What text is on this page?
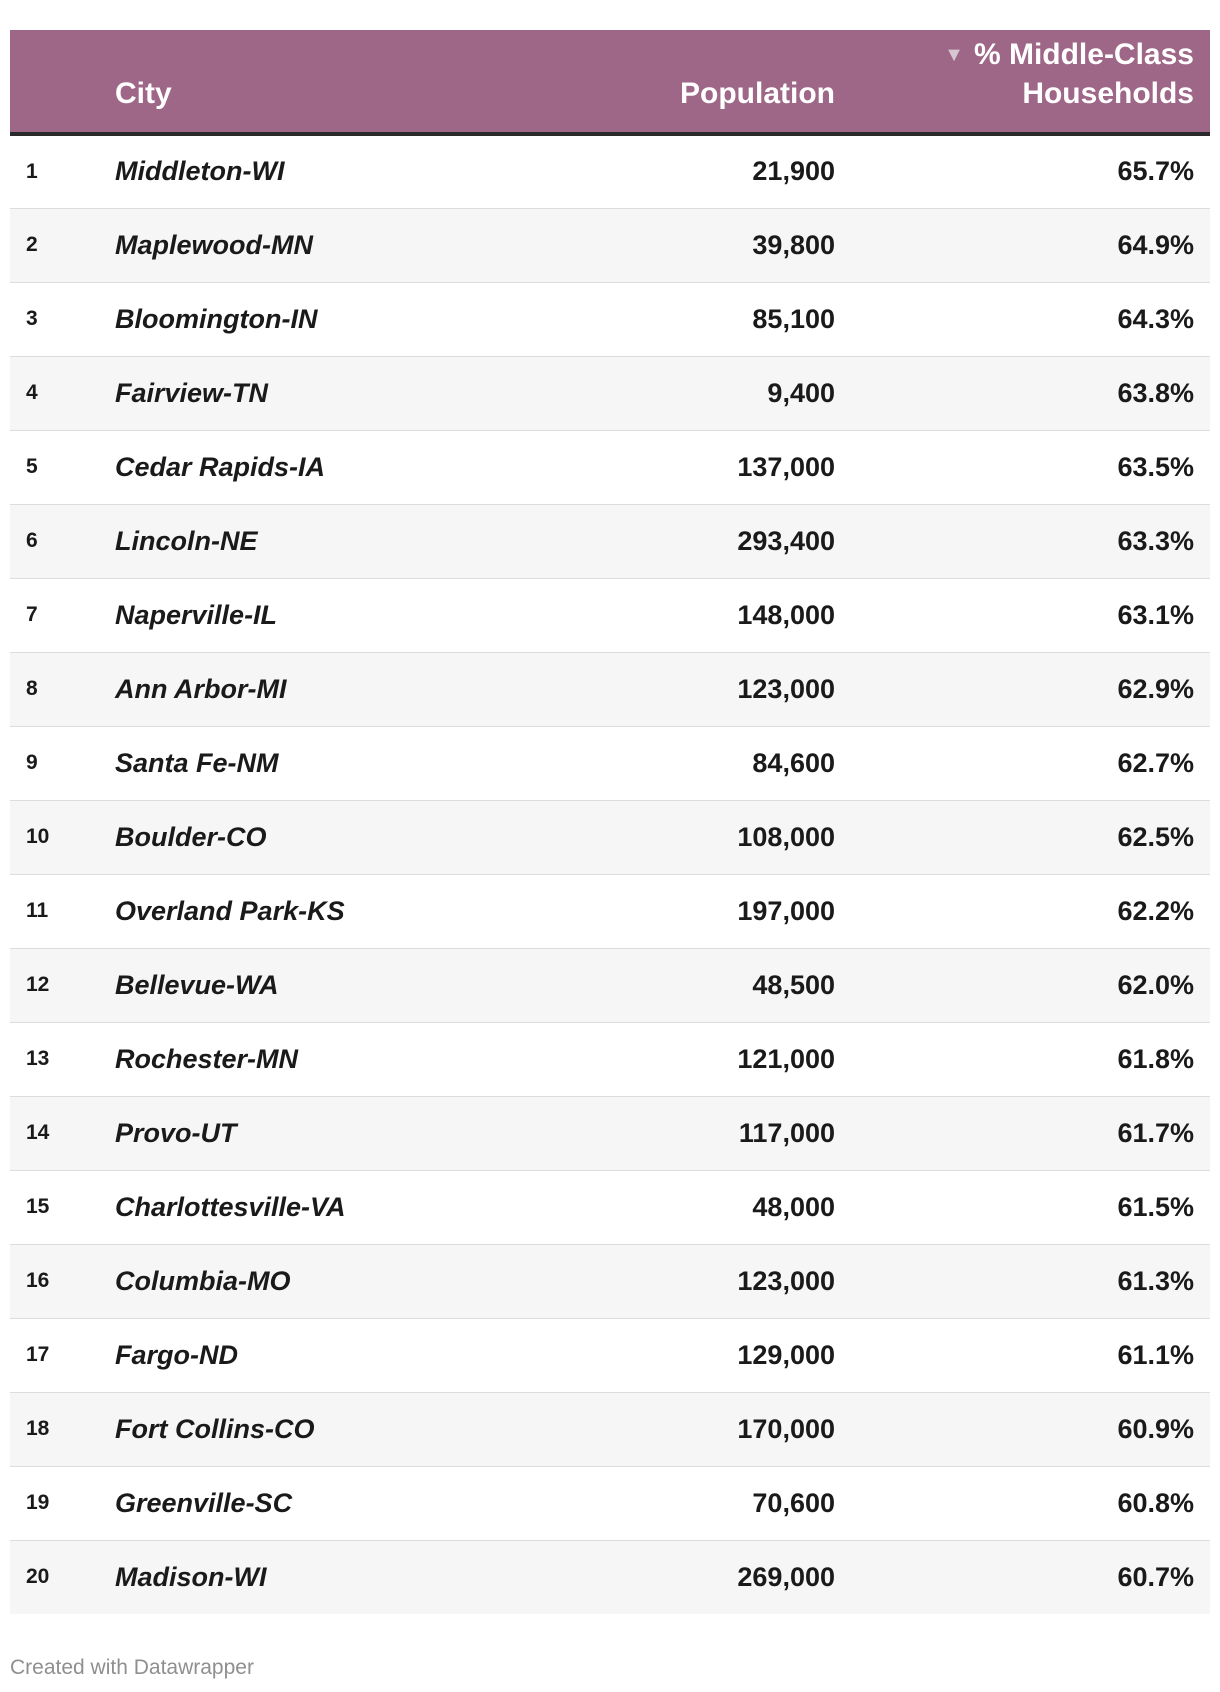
	City	Population	▼ % Middle-Class
Households
1	Middleton-WI	21,900	65.7%
2	Maplewood-MN	39,800	64.9%
3	Bloomington-IN	85,100	64.3%
4	Fairview-TN	9,400	63.8%
5	Cedar Rapids-IA	137,000	63.5%
6	Lincoln-NE	293,400	63.3%
7	Naperville-IL	148,000	63.1%
8	Ann Arbor-MI	123,000	62.9%
9	Santa Fe-NM	84,600	62.7%
10	Boulder-CO	108,000	62.5%
11	Overland Park-KS	197,000	62.2%
12	Bellevue-WA	48,500	62.0%
13	Rochester-MN	121,000	61.8%
14	Provo-UT	117,000	61.7%
15	Charlottesville-VA	48,000	61.5%
16	Columbia-MO	123,000	61.3%
17	Fargo-ND	129,000	61.1%
18	Fort Collins-CO	170,000	60.9%
19	Greenville-SC	70,600	60.8%
20	Madison-WI	269,000	60.7%
Created with Datawrapper
